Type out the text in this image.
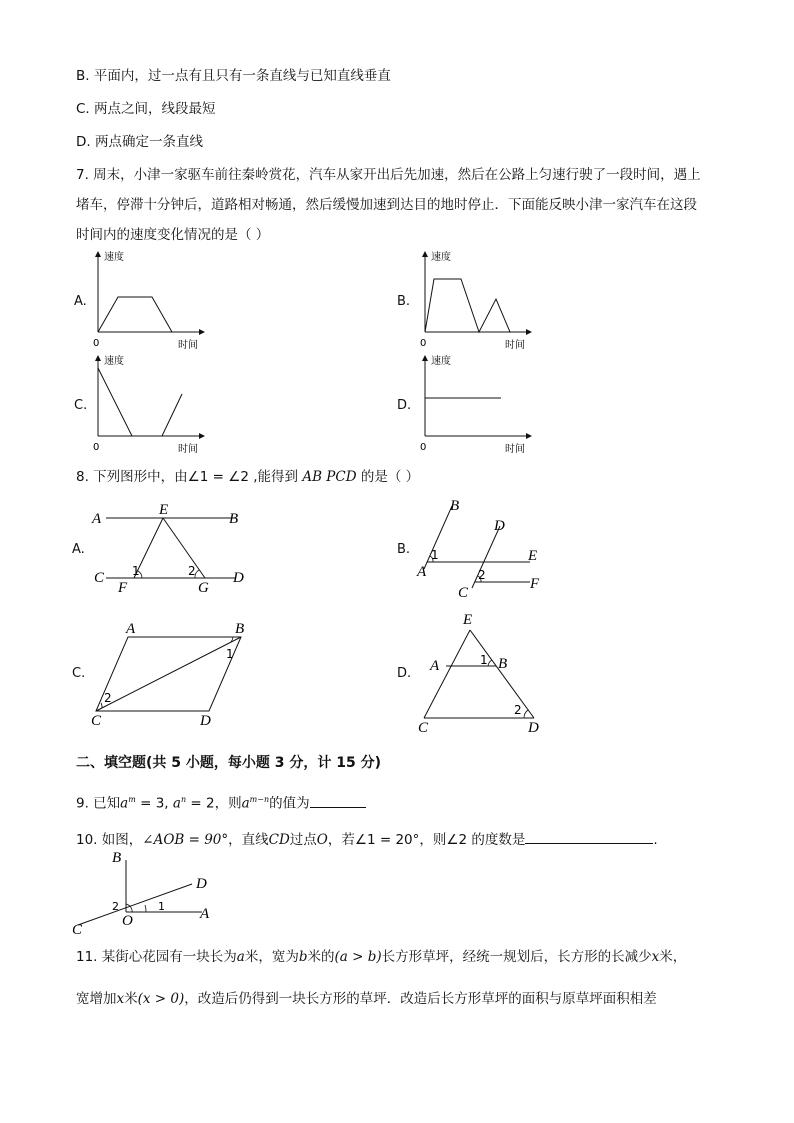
B. 平面内，过一点有且只有一条直线与已知直线垂直
C. 两点之间，线段最短
D. 两点确定一条直线
7. 周末，小津一家驱车前往秦岭赏花，汽车从家开出后先加速，然后在公路上匀速行驶了一段时间，遇上
堵车，停滞十分钟后，道路相对畅通，然后缓慢加速到达目的地时停止．下面能反映小津一家汽车在这段
时间内的速度变化情况的是（ ）
A.
速度
0	时间
B.
速度
0	时间
C.
速度
0	时间
D.
速度
0	时间
8. 下列图形中，由∠1 = ∠2 ,能得到 AB PCD 的是（ ）
A.
A
E
B
C
F	G
D
1	2
B.
B
D
A
E
C
F
1
2
C.
A	B
C	D
1
2
D.
E
A	B
C	D
1
2
二、填空题(共 5 小题，每小题 3 分，计 15 分)
9. 已知$a^m = 3$, $a^n = 2$，则$a^{m-n}$的值为
10. 如图，∠AOB = 90°，直线CD过点O，若∠1 = 20°，则∠2 的度数是	.
B
D
C
O	A
1
2
11. 某街心花园有一块长为a米，宽为b米的(a > b)长方形草坪，经统一规划后，长方形的长减少x米，
宽增加x米(x > 0)，改造后仍得到一块长方形的草坪．改造后长方形草坪的面积与原草坪面积相差
